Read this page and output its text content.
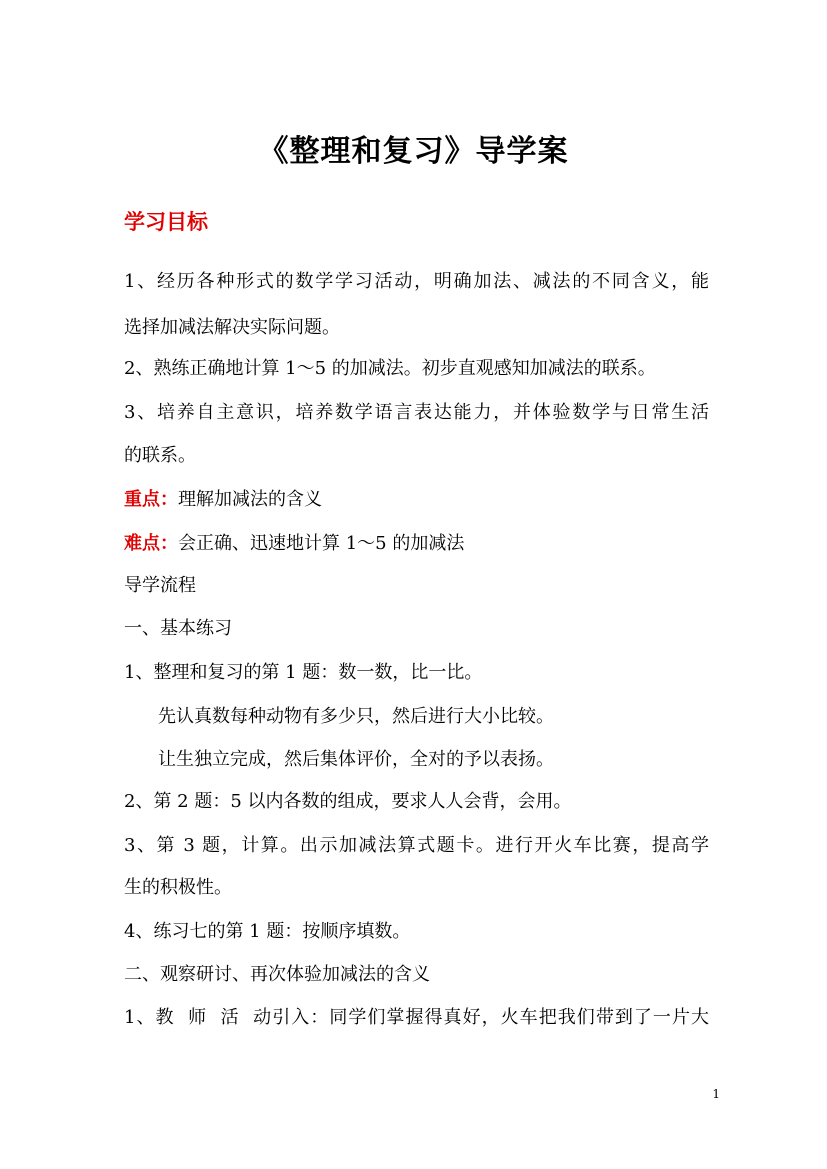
《整理和复习》导学案
学习目标
1、经历各种形式的数学学习活动，明确加法、减法的不同含义，能
选择加减法解决实际问题。
2、熟练正确地计算 1～5 的加减法。初步直观感知加减法的联系。
3、培养自主意识，培养数学语言表达能力，并体验数学与日常生活
的联系。
重点：理解加减法的含义
难点：会正确、迅速地计算 1～5 的加减法
导学流程
一、基本练习
1、整理和复习的第 1 题：数一数，比一比。
先认真数每种动物有多少只，然后进行大小比较。
让生独立完成，然后集体评价，全对的予以表扬。
2、第 2 题：5 以内各数的组成，要求人人会背，会用。
3、第 3 题，计算。出示加减法算式题卡。进行开火车比赛，提高学
生的积极性。
4、练习七的第 1 题：按顺序填数。
二、观察研讨、再次体验加减法的含义
1、教  师  活  动引入：同学们掌握得真好，火车把我们带到了一片大
1
